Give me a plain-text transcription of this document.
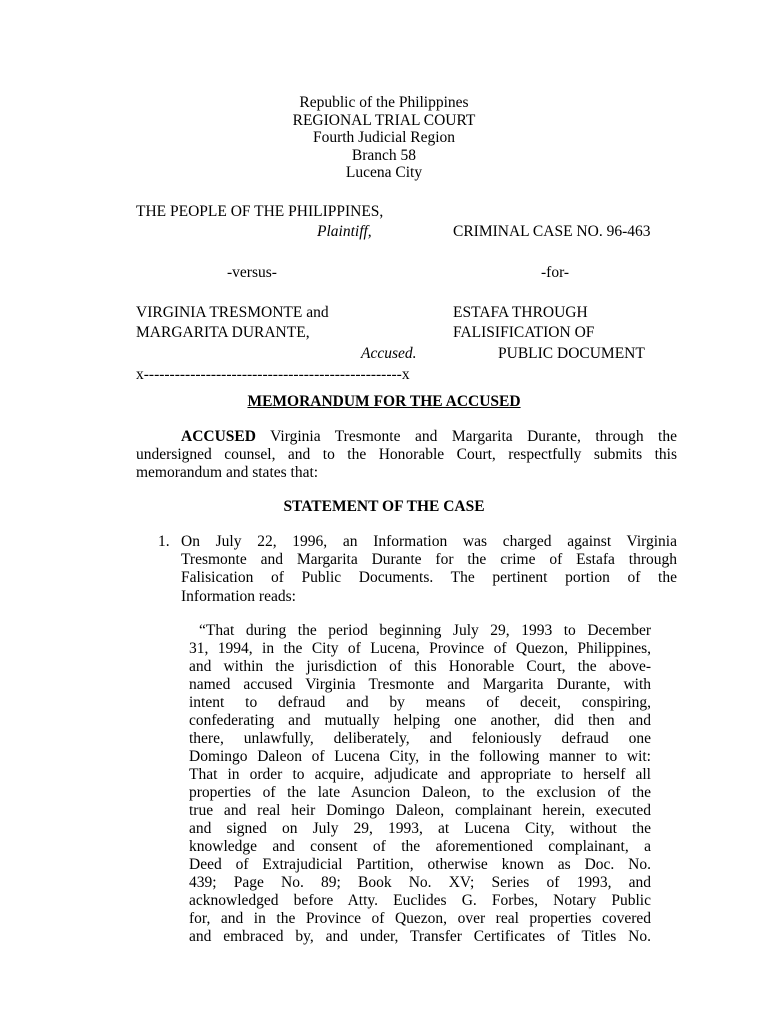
Republic of the Philippines
REGIONAL TRIAL COURT
Fourth Judicial Region
Branch 58
Lucena City
THE PEOPLE OF THE PHILIPPINES,
Plaintiff,	CRIMINAL CASE NO. 96-463
-versus-	-for-
VIRGINIA TRESMONTE and
MARGARITA DURANTE,
Accused.
ESTAFA THROUGH
FALISIFICATION OF
PUBLIC DOCUMENT
x--------------------------------------------------x
MEMORANDUM FOR THE ACCUSED
ACCUSED Virginia Tresmonte and Margarita Durante, through the
undersigned counsel, and to the Honorable Court, respectfully submits this
memorandum and states that:
STATEMENT OF THE CASE
1. On July 22, 1996, an Information was charged against Virginia
Tresmonte and Margarita Durante for the crime of Estafa through
Falisication of Public Documents. The pertinent portion of the
Information reads:
“That during the period beginning July 29, 1993 to December
31, 1994, in the City of Lucena, Province of Quezon, Philippines,
and within the jurisdiction of this Honorable Court, the above-
named accused Virginia Tresmonte and Margarita Durante, with
intent to defraud and by means of deceit, conspiring,
confederating and mutually helping one another, did then and
there, unlawfully, deliberately, and feloniously defraud one
Domingo Daleon of Lucena City, in the following manner to wit:
That in order to acquire, adjudicate and appropriate to herself all
properties of the late Asuncion Daleon, to the exclusion of the
true and real heir Domingo Daleon, complainant herein, executed
and signed on July 29, 1993, at Lucena City, without the
knowledge and consent of the aforementioned complainant, a
Deed of Extrajudicial Partition, otherwise known as Doc. No.
439; Page No. 89; Book No. XV; Series of 1993, and
acknowledged before Atty. Euclides G. Forbes, Notary Public
for, and in the Province of Quezon, over real properties covered
and embraced by, and under, Transfer Certificates of Titles No.
